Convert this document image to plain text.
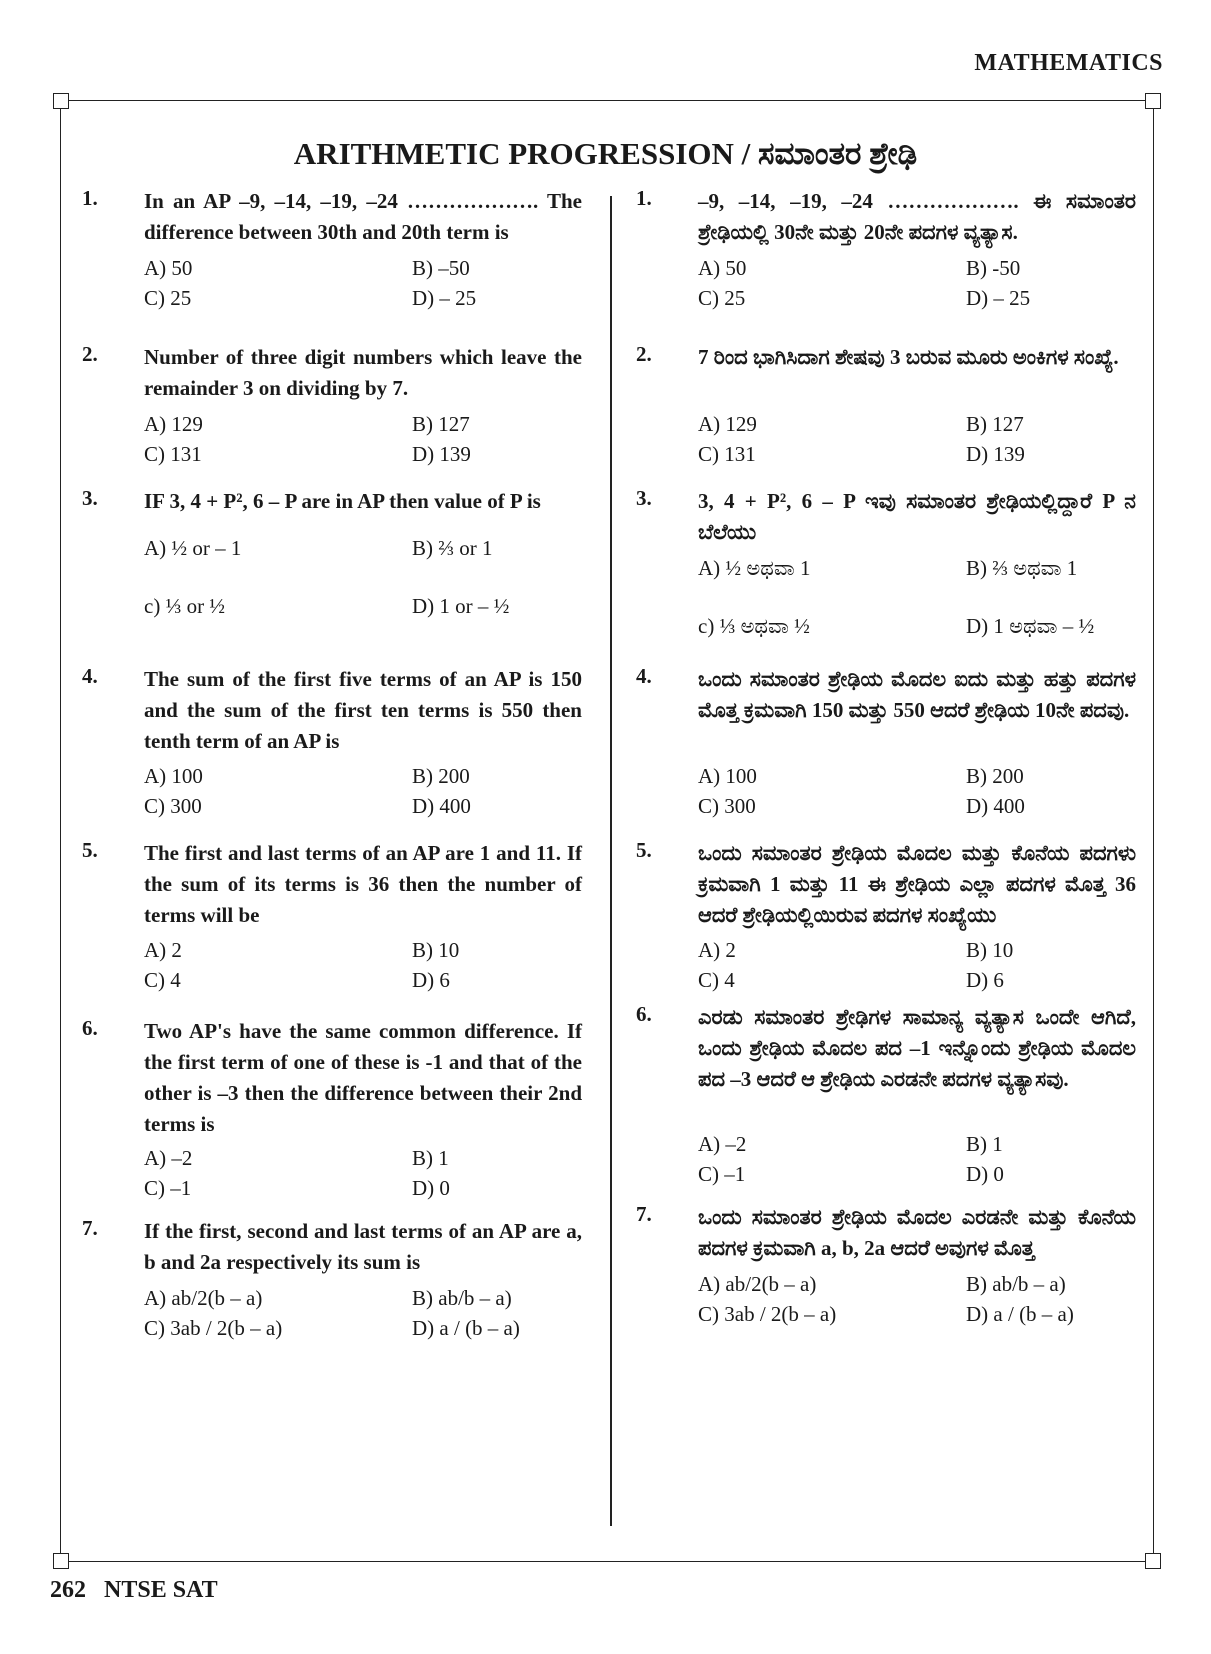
MATHEMATICS
ARITHMETIC PROGRESSION / ಸಮಾಂತರ ಶ್ರೇಢಿ
1. In an AP –9, –14, –19, –24 ………………. The difference between 30th and 20th term is
A) 50	B) –50
C) 25	D) – 25
2. Number of three digit numbers which leave the remainder 3 on dividing by 7.
A) 129	B) 127
C) 131	D) 139
3. IF 3, 4 + P², 6 – P are in AP then value of P is
A) ½ or – 1	B) ⅔ or 1
c) ⅓ or ½	D) 1 or – ½
4. The sum of the first five terms of an AP is 150 and the sum of the first ten terms is 550 then tenth term of an AP is
A) 100	B) 200
C) 300	D) 400
5. The first and last terms of an AP are 1 and 11. If the sum of its terms is 36 then the number of terms will be
A) 2	B) 10
C) 4	D) 6
6. Two AP's have the same common difference. If the first term of one of these is -1 and that of the other is –3 then the difference between their 2nd terms is
A) –2	B) 1
C) –1	D) 0
7. If the first, second and last terms of an AP are a, b and 2a respectively its sum is
A) ab/2(b – a)	B) ab/b – a)
C) 3ab / 2(b – a)	D) a / (b – a)
1. –9, –14, –19, –24 ………………. ಈ ಸಮಾಂತರ ಶ್ರೇಢಿಯಲ್ಲಿ 30ನೇ ಮತ್ತು 20ನೇ ಪದಗಳ ವ್ಯತ್ಯಾಸ.
A) 50	B) -50
C) 25	D) – 25
2. 7 ರಿಂದ ಭಾಗಿಸಿದಾಗ ಶೇಷವು 3 ಬರುವ ಮೂರು ಅಂಕಿಗಳ ಸಂಖ್ಯೆ.
A) 129	B) 127
C) 131	D) 139
3. 3, 4 + P², 6 – P ಇವು ಸಮಾಂತರ ಶ್ರೇಢಿಯಲ್ಲಿದ್ದಾರೆ P ನ ಬೆಲೆಯು
A) ½ ಅಥವಾ 1	B) ⅔ ಅಥವಾ 1
c) ⅓ ಅಥವಾ ½	D) 1 ಅಥವಾ – ½
4. ಒಂದು ಸಮಾಂತರ ಶ್ರೇಢಿಯ ಮೊದಲ ಐದು ಮತ್ತು ಹತ್ತು ಪದಗಳ ಮೊತ್ತ ಕ್ರಮವಾಗಿ 150 ಮತ್ತು 550 ಆದರೆ ಶ್ರೇಢಿಯ 10ನೇ ಪದವು.
A) 100	B) 200
C) 300	D) 400
5. ಒಂದು ಸಮಾಂತರ ಶ್ರೇಢಿಯ ಮೊದಲ ಮತ್ತು ಕೊನೆಯ ಪದಗಳು ಕ್ರಮವಾಗಿ 1 ಮತ್ತು 11 ಈ ಶ್ರೇಢಿಯ ಎಲ್ಲಾ ಪದಗಳ ಮೊತ್ತ 36 ಆದರೆ ಶ್ರೇಢಿಯಲ್ಲಿಯಿರುವ ಪದಗಳ ಸಂಖ್ಯೆಯು
A) 2	B) 10
C) 4	D) 6
6. ಎರಡು ಸಮಾಂತರ ಶ್ರೇಢಿಗಳ ಸಾಮಾನ್ಯ ವ್ಯತ್ಯಾಸ ಒಂದೇ ಆಗಿದೆ, ಒಂದು ಶ್ರೇಢಿಯ ಮೊದಲ ಪದ –1 ಇನ್ನೊಂದು ಶ್ರೇಢಿಯ ಮೊದಲ ಪದ –3 ಆದರೆ ಆ ಶ್ರೇಢಿಯ ಎರಡನೇ ಪದಗಳ ವ್ಯತ್ಯಾಸವು.
A) –2	B) 1
C) –1	D) 0
7. ಒಂದು ಸಮಾಂತರ ಶ್ರೇಢಿಯ ಮೊದಲ ಎರಡನೇ ಮತ್ತು ಕೊನೆಯ ಪದಗಳ ಕ್ರಮವಾಗಿ a, b, 2a ಆದರೆ ಅವುಗಳ ಮೊತ್ತ
A) ab/2(b – a)	B) ab/b – a)
C) 3ab / 2(b – a)	D) a / (b – a)
262 NTSE SAT
